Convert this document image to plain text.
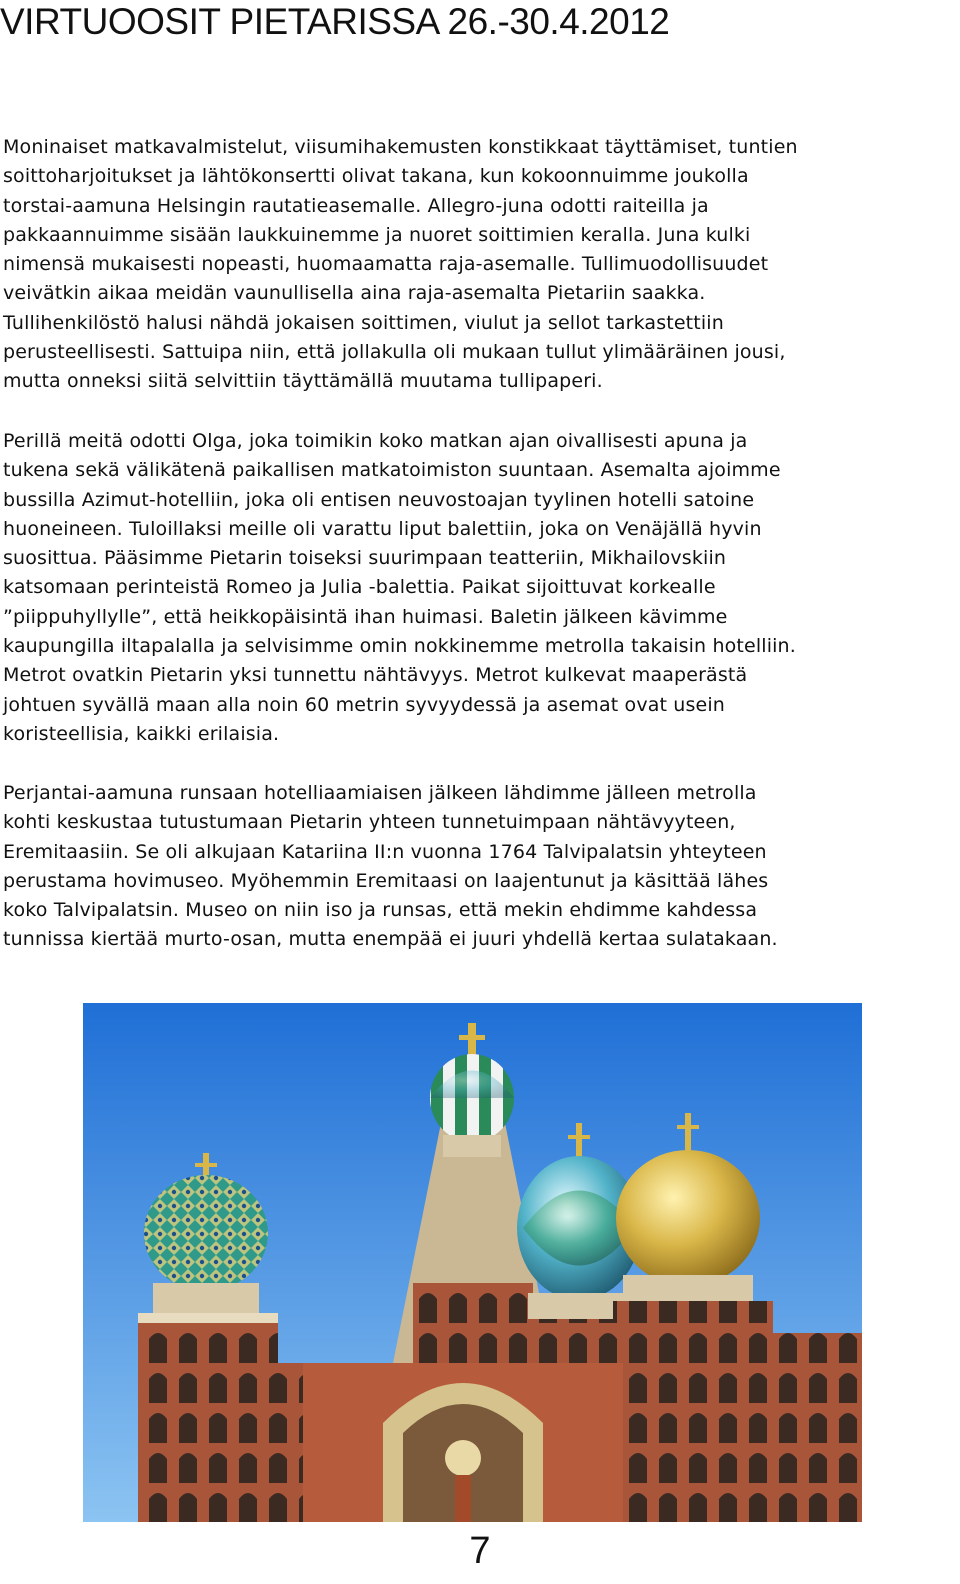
VIRTUOOSIT PIETARISSA 26.-30.4.2012
Moninaiset matkavalmistelut, viisumihakemusten konstikkaat täyttämiset, tuntien
soittoharjoitukset ja lähtökonsertti olivat takana, kun kokoonnuimme joukolla
torstai-aamuna Helsingin rautatieasemalle. Allegro-juna odotti raiteilla ja
pakkaannuimme sisään laukkuinemme ja nuoret soittimien keralla. Juna kulki
nimensä mukaisesti nopeasti, huomaamatta raja-asemalle. Tullimuodollisuudet
veivätkin aikaa meidän vaunullisella aina raja-asemalta Pietariin saakka.
Tullihenkilöstö halusi nähdä jokaisen soittimen, viulut ja sellot tarkastettiin
perusteellisesti. Sattuipa niin, että jollakulla oli mukaan tullut ylimääräinen jousi,
mutta onneksi siitä selvittiin täyttämällä muutama tullipaperi.
Perillä meitä odotti Olga, joka toimikin koko matkan ajan oivallisesti apuna ja
tukena sekä välikätenä paikallisen matkatoimiston suuntaan. Asemalta ajoimme
bussilla Azimut-hotelliin, joka oli entisen neuvostoajan tyylinen hotelli satoine
huoneineen. Tuloillaksi meille oli varattu liput balettiin, joka on Venäjällä hyvin
suosittua. Pääsimme Pietarin toiseksi suurimpaan teatteriin, Mikhailovskiin
katsomaan perinteistä Romeo ja Julia -balettia. Paikat sijoittuvat korkealle
”piippuhyllylle”, että heikkopäisintä ihan huimasi. Baletin jälkeen kävimme
kaupungilla iltapalalla ja selvisimme omin nokkinemme metrolla takaisin hotelliin.
Metrot ovatkin Pietarin yksi tunnettu nähtävyys. Metrot kulkevat maaperästä
johtuen syvällä maan alla noin 60 metrin syvyydessä ja asemat ovat usein
koristeellisia, kaikki erilaisia.
Perjantai-aamuna runsaan hotelliaamiaisen jälkeen lähdimme jälleen metrolla
kohti keskustaa tutustumaan Pietarin yhteen tunnetuimpaan nähtävyyteen,
Eremitaasiin. Se oli alkujaan Katariina II:n vuonna 1764 Talvipalatsin yhteyteen
perustama hovimuseo. Myöhemmin Eremitaasi on laajentunut ja käsittää lähes
koko Talvipalatsin. Museo on niin iso ja runsas, että mekin ehdimme kahdessa
tunnissa kiertää murto-osan, mutta enempää ei juuri yhdellä kertaa sulatakaan.
7
